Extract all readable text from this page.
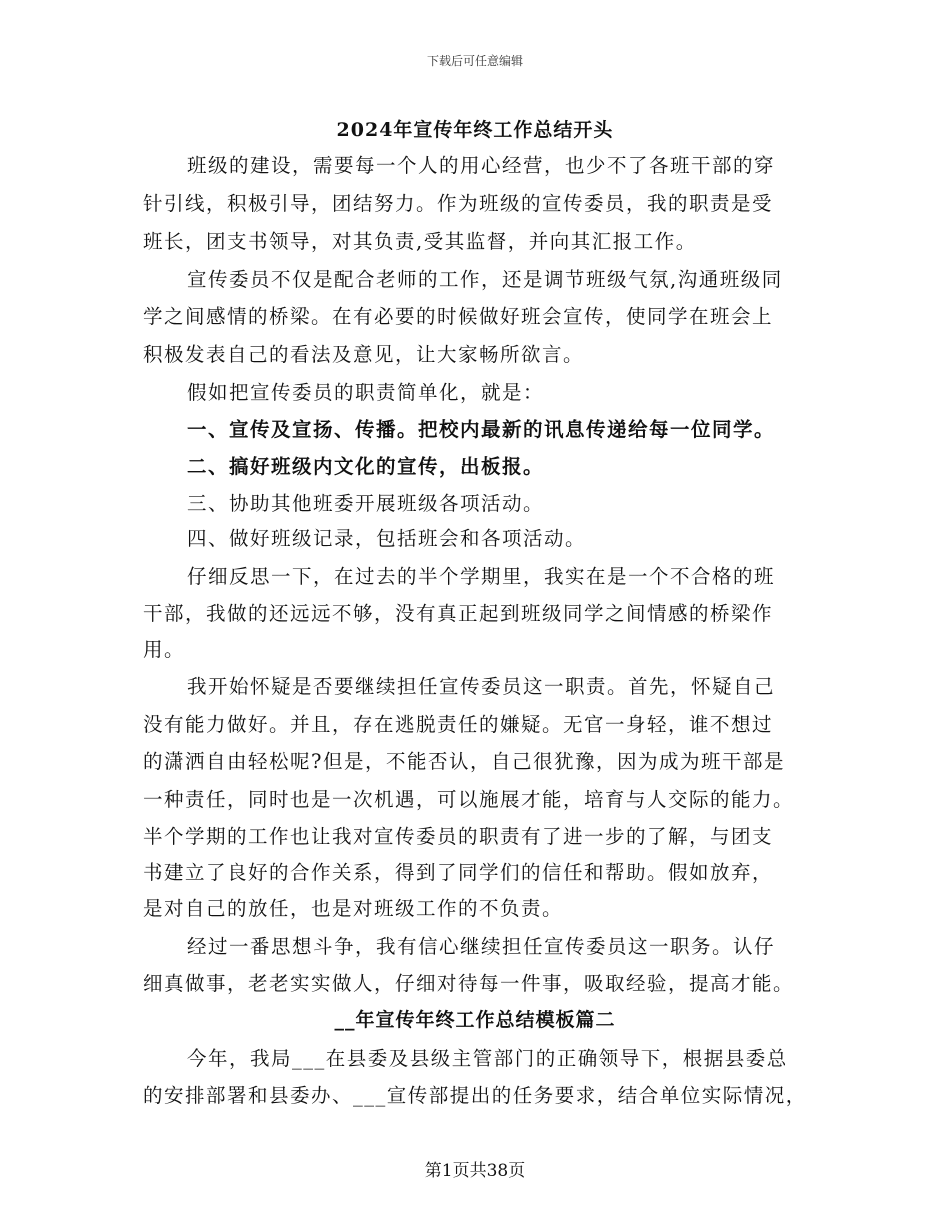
下载后可任意编辑
2024年宣传年终工作总结开头
班级的建设，需要每一个人的用心经营，也少不了各班干部的穿
针引线，积极引导，团结努力。作为班级的宣传委员，我的职责是受
班长，团支书领导，对其负责,受其监督，并向其汇报工作。
宣传委员不仅是配合老师的工作，还是调节班级气氛,沟通班级同
学之间感情的桥梁。在有必要的时候做好班会宣传，使同学在班会上
积极发表自己的看法及意见，让大家畅所欲言。
假如把宣传委员的职责简单化，就是：
一、宣传及宣扬、传播。把校内最新的讯息传递给每一位同学。
二、搞好班级内文化的宣传，出板报。
三、协助其他班委开展班级各项活动。
四、做好班级记录，包括班会和各项活动。
仔细反思一下，在过去的半个学期里，我实在是一个不合格的班
干部，我做的还远远不够，没有真正起到班级同学之间情感的桥梁作
用。
我开始怀疑是否要继续担任宣传委员这一职责。首先，怀疑自己
没有能力做好。并且，存在逃脱责任的嫌疑。无官一身轻，谁不想过
的潇洒自由轻松呢?但是，不能否认，自己很犹豫，因为成为班干部是
一种责任，同时也是一次机遇，可以施展才能，培育与人交际的能力。
半个学期的工作也让我对宣传委员的职责有了进一步的了解，与团支
书建立了良好的合作关系，得到了同学们的信任和帮助。假如放弃，
是对自己的放任，也是对班级工作的不负责。
经过一番思想斗争，我有信心继续担任宣传委员这一职务。认仔
细真做事，老老实实做人，仔细对待每一件事，吸取经验，提高才能。
__年宣传年终工作总结模板篇二
今年，我局___在县委及县级主管部门的正确领导下，根据县委总
的安排部署和县委办、___宣传部提出的任务要求，结合单位实际情况，
第1页共38页
